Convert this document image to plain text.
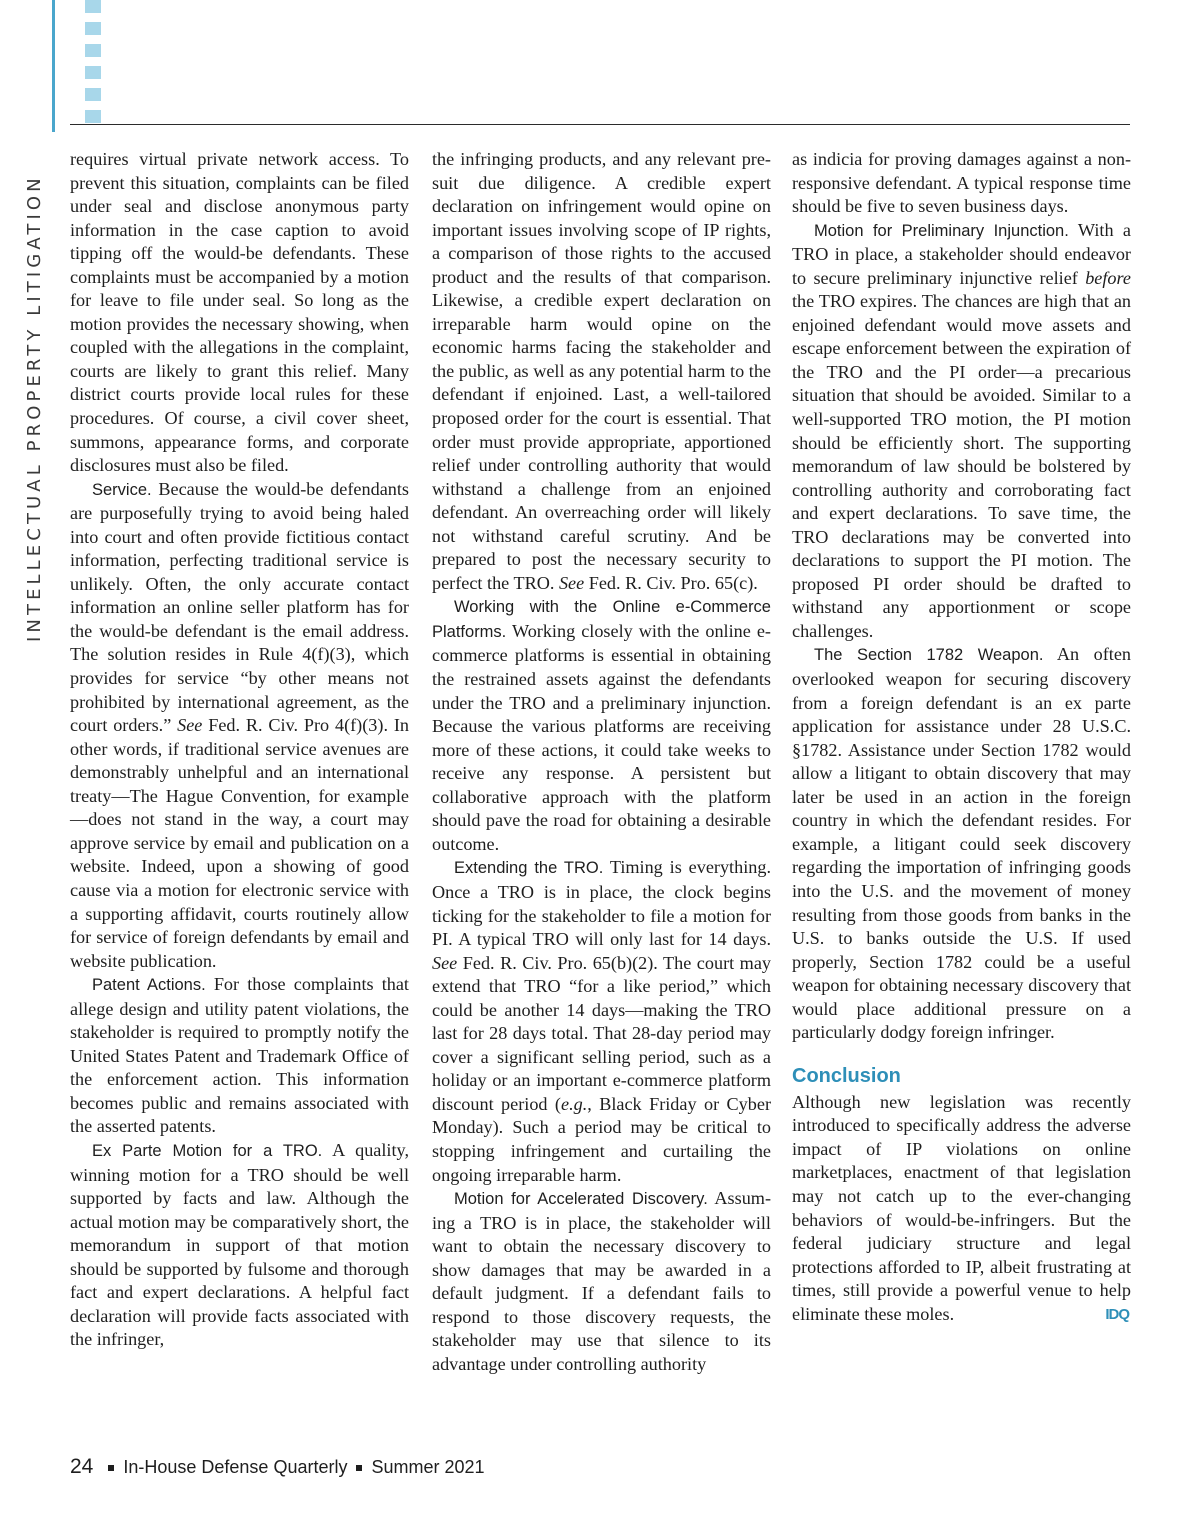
INTELLECTUAL PROPERTY LITIGATION

requires virtual private network access. To prevent this situation, complaints can be filed under seal and disclose anonymous party information in the case caption to avoid tipping off the would-be defendants. These complaints must be accompanied by a motion for leave to file under seal. So long as the motion provides the necessary showing, when coupled with the allegations in the complaint, courts are likely to grant this relief. Many district courts provide local rules for these procedures. Of course, a civil cover sheet, summons, appearance forms, and corporate disclosures must also be filed.

Service. Because the would-be defendants are purposefully trying to avoid being haled into court and often provide fictitious contact information, perfecting traditional service is unlikely. Often, the only accurate contact information an online seller platform has for the would-be defendant is the email address. The solution resides in Rule 4(f)(3), which provides for service “by other means not prohibited by international agreement, as the court orders.” See Fed. R. Civ. Pro 4(f)(3). In other words, if traditional service avenues are demonstrably unhelpful and an international treaty—The Hague Convention, for example—does not stand in the way, a court may approve service by email and publication on a website. Indeed, upon a showing of good cause via a motion for electronic service with a supporting affidavit, courts routinely allow for service of foreign defendants by email and website publication.

Patent Actions. For those complaints that allege design and utility patent violations, the stakeholder is required to promptly notify the United States Patent and Trademark Office of the enforcement action. This information becomes public and remains associated with the asserted patents.

Ex Parte Motion for a TRO. A quality, winning motion for a TRO should be well supported by facts and law. Although the actual motion may be comparatively short, the memorandum in support of that motion should be supported by fulsome and thorough fact and expert declarations. A helpful fact declaration will provide facts associated with the infringer,

the infringing products, and any relevant pre-suit due diligence. A credible expert declaration on infringement would opine on important issues involving scope of IP rights, a comparison of those rights to the accused product and the results of that comparison. Likewise, a credible expert declaration on irreparable harm would opine on the economic harms facing the stakeholder and the public, as well as any potential harm to the defendant if enjoined. Last, a well-tailored proposed order for the court is essential. That order must provide appropriate, apportioned relief under controlling authority that would withstand a challenge from an enjoined defendant. An overreaching order will likely not withstand careful scrutiny. And be prepared to post the necessary security to perfect the TRO. See Fed. R. Civ. Pro. 65(c).

Working with the Online e-Commerce Platforms. Working closely with the online e-commerce platforms is essential in obtaining the restrained assets against the defendants under the TRO and a preliminary injunction. Because the various platforms are receiving more of these actions, it could take weeks to receive any response. A persistent but collaborative approach with the platform should pave the road for obtaining a desirable outcome.

Extending the TRO. Timing is everything. Once a TRO is in place, the clock begins ticking for the stakeholder to file a motion for PI. A typical TRO will only last for 14 days. See Fed. R. Civ. Pro. 65(b)(2). The court may extend that TRO “for a like period,” which could be another 14 days—making the TRO last for 28 days total. That 28-day period may cover a significant selling period, such as a holiday or an important e-commerce platform discount period (e.g., Black Friday or Cyber Monday). Such a period may be critical to stopping infringement and curtailing the ongoing irreparable harm.

Motion for Accelerated Discovery. Assuming a TRO is in place, the stakeholder will want to obtain the necessary discovery to show damages that may be awarded in a default judgment. If a defendant fails to respond to those discovery requests, the stakeholder may use that silence to its advantage under controlling authority

as indicia for proving damages against a non-responsive defendant. A typical response time should be five to seven business days.

Motion for Preliminary Injunction. With a TRO in place, a stakeholder should endeavor to secure preliminary injunctive relief before the TRO expires. The chances are high that an enjoined defendant would move assets and escape enforcement between the expiration of the TRO and the PI order—a precarious situation that should be avoided. Similar to a well-supported TRO motion, the PI motion should be efficiently short. The supporting memorandum of law should be bolstered by controlling authority and corroborating fact and expert declarations. To save time, the TRO declarations may be converted into declarations to support the PI motion. The proposed PI order should be drafted to withstand any apportionment or scope challenges.

The Section 1782 Weapon. An often overlooked weapon for securing discovery from a foreign defendant is an ex parte application for assistance under 28 U.S.C. §1782. Assistance under Section 1782 would allow a litigant to obtain discovery that may later be used in an action in the foreign country in which the defendant resides. For example, a litigant could seek discovery regarding the importation of infringing goods into the U.S. and the movement of money resulting from those goods from banks in the U.S. to banks outside the U.S. If used properly, Section 1782 could be a useful weapon for obtaining necessary discovery that would place additional pressure on a particularly dodgy foreign infringer.

Conclusion

Although new legislation was recently introduced to specifically address the adverse impact of IP violations on online marketplaces, enactment of that legislation may not catch up to the ever-changing behaviors of would-be-infringers. But the federal judiciary structure and legal protections afforded to IP, albeit frustrating at times, still provide a powerful venue to help eliminate these moles.	IDQ

24 In-House Defense Quarterly Summer 2021
